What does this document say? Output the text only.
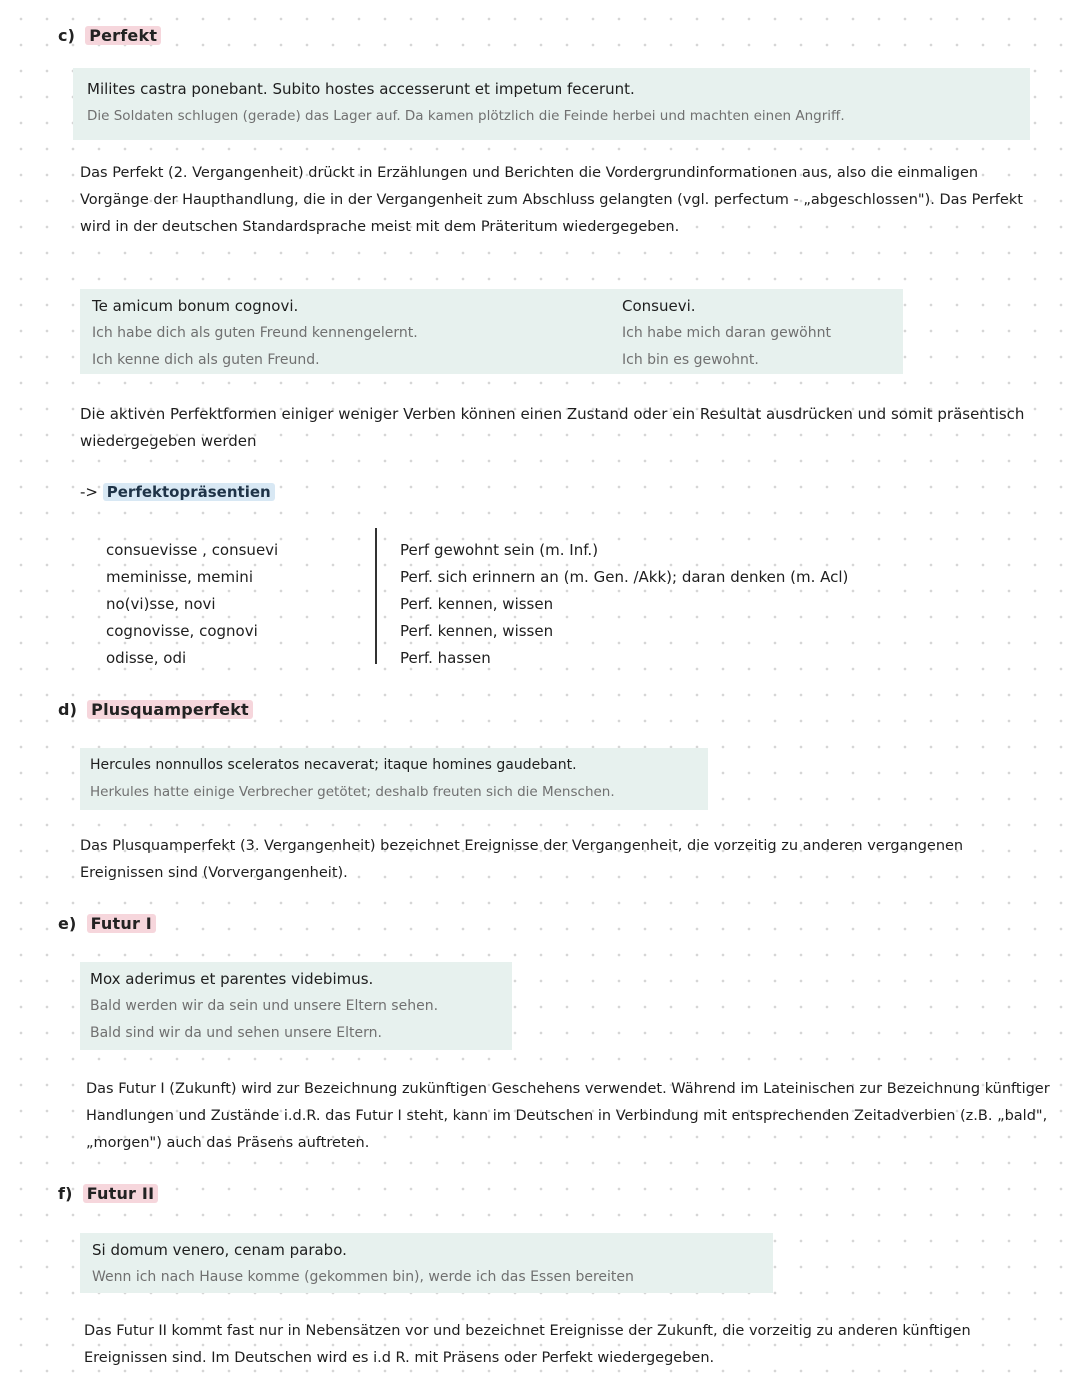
c) Perfekt
Milites castra ponebant. Subito hostes accesserunt et impetum fecerunt.
Die Soldaten schlugen (gerade) das Lager auf. Da kamen plötzlich die Feinde herbei und machten einen Angriff.
Das Perfekt (2. Vergangenheit) drückt in Erzählungen und Berichten die Vordergrundinformationen aus, also die einmaligen Vorgänge der Haupthandlung, die in der Vergangenheit zum Abschluss gelangten (vgl. perfectum - „abgeschlossen"). Das Perfekt wird in der deutschen Standardsprache meist mit dem Präteritum wiedergegeben.
Te amicum bonum cognovi.
Ich habe dich als guten Freund kennengelernt.
Ich kenne dich als guten Freund.
Consuevi.
Ich habe mich daran gewöhnt
Ich bin es gewohnt.
Die aktiven Perfektformen einiger weniger Verben können einen Zustand oder ein Resultat ausdrücken und somit präsentisch wiedergegeben werden
-> Perfektopräsentien
consuevisse , consuevi
meminisse, memini
no(vi)sse, novi
cognovisse, cognovi
odisse, odi
Perf gewohnt sein (m. Inf.)
Perf. sich erinnern an (m. Gen. /Akk); daran denken (m. Acl)
Perf. kennen, wissen
Perf. kennen, wissen
Perf. hassen
d) Plusquamperfekt
Hercules nonnullos sceleratos necaverat; itaque homines gaudebant.
Herkules hatte einige Verbrecher getötet; deshalb freuten sich die Menschen.
Das Plusquamperfekt (3. Vergangenheit) bezeichnet Ereignisse der Vergangenheit, die vorzeitig zu anderen vergangenen Ereignissen sind (Vorvergangenheit).
e) Futur I
Mox aderimus et parentes videbimus.
Bald werden wir da sein und unsere Eltern sehen.
Bald sind wir da und sehen unsere Eltern.
Das Futur I (Zukunft) wird zur Bezeichnung zukünftigen Geschehens verwendet. Während im Lateinischen zur Bezeichnung künftiger Handlungen und Zustände i.d.R. das Futur I steht, kann im Deutschen in Verbindung mit entsprechenden Zeitadverbien (z.B. „bald", „morgen") auch das Präsens auftreten.
f) Futur II
Si domum venero, cenam parabo.
Wenn ich nach Hause komme (gekommen bin), werde ich das Essen bereiten
Das Futur II kommt fast nur in Nebensätzen vor und bezeichnet Ereignisse der Zukunft, die vorzeitig zu anderen künftigen Ereignissen sind. Im Deutschen wird es i.d R. mit Präsens oder Perfekt wiedergegeben.
